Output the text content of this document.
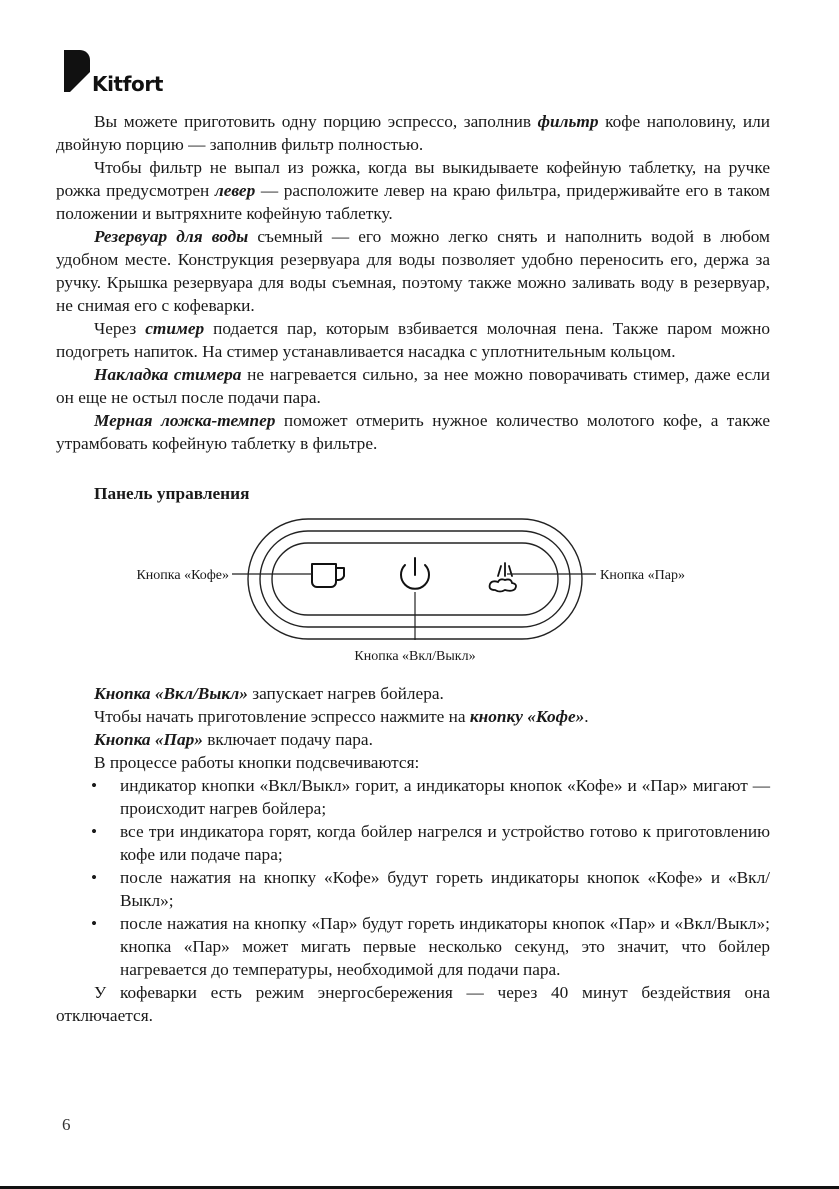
Kitfort

Вы можете приготовить одну порцию эспрессо, заполнив фильтр кофе наполовину, или двойную порцию — заполнив фильтр полностью.

Чтобы фильтр не выпал из рожка, когда вы выкидываете кофейную таблетку, на ручке рожка предусмотрен левер — расположите левер на краю фильтра, придерживайте его в таком положении и вытряхните кофейную таблетку.

Резервуар для воды съемный — его можно легко снять и наполнить водой в любом удобном месте. Конструкция резервуара для воды позволяет удобно переносить его, держа за ручку. Крышка резервуара для воды съемная, поэтому также можно заливать воду в резервуар, не снимая его с кофеварки.

Через стимер подается пар, которым взбивается молочная пена. Также паром можно подогреть напиток. На стимер устанавливается насадка с уплотнительным кольцом.

Накладка стимера не нагревается сильно, за нее можно поворачивать стимер, даже если он еще не остыл после подачи пара.

Мерная ложка-темпер поможет отмерить нужное количество молотого кофе, а также утрамбовать кофейную таблетку в фильтре.

Панель управления
Кнопка «Кофе»	Кнопка «Пар»
Кнопка «Вкл/Выкл»

Кнопка «Вкл/Выкл» запускает нагрев бойлера.

Чтобы начать приготовление эспрессо нажмите на кнопку «Кофе».

Кнопка «Пар» включает подачу пара.

В процессе работы кнопки подсвечиваются:

• индикатор кнопки «Вкл/Выкл» горит, а индикаторы кнопок «Кофе» и «Пар» мигают — происходит нагрев бойлера;
• все три индикатора горят, когда бойлер нагрелся и устройство готово к приготовлению кофе или подаче пара;
• после нажатия на кнопку «Кофе» будут гореть индикаторы кнопок «Кофе» и «Вкл/Выкл»;
• после нажатия на кнопку «Пар» будут гореть индикаторы кнопок «Пар» и «Вкл/Выкл»; кнопка «Пар» может мигать первые несколько секунд, это значит, что бойлер нагревается до температуры, необходимой для подачи пара.

У кофеварки есть режим энергосбережения — через 40 минут бездействия она отключается.

6
